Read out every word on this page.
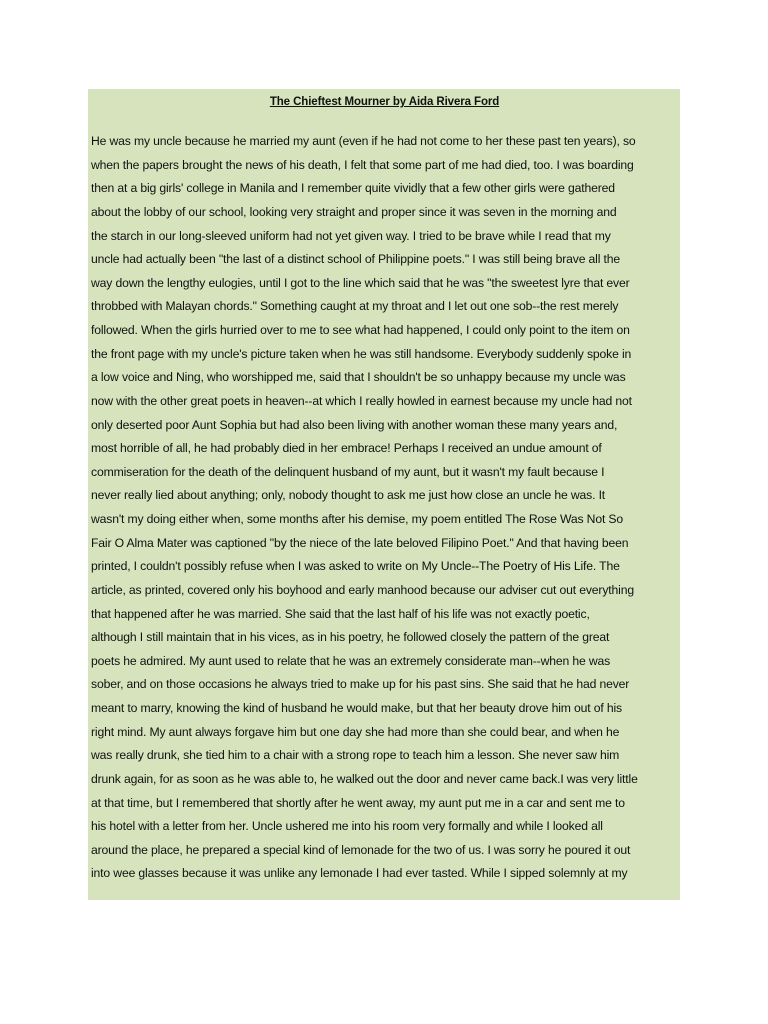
The Chieftest Mourner by Aida Rivera Ford
He was my uncle because he married my aunt (even if he had not come to her these past ten years), so
when the papers brought the news of his death, I felt that some part of me had died, too. I was boarding
then at a big girls' college in Manila and I remember quite vividly that a few other girls were gathered
about the lobby of our school, looking very straight and proper since it was seven in the morning and
the starch in our long-sleeved uniform had not yet given way. I tried to be brave while I read that my
uncle had actually been "the last of a distinct school of Philippine poets." I was still being brave all the
way down the lengthy eulogies, until I got to the line which said that he was "the sweetest lyre that ever
throbbed with Malayan chords." Something caught at my throat and I let out one sob--the rest merely
followed. When the girls hurried over to me to see what had happened, I could only point to the item on
the front page with my uncle's picture taken when he was still handsome. Everybody suddenly spoke in
a low voice and Ning, who worshipped me, said that I shouldn't be so unhappy because my uncle was
now with the other great poets in heaven--at which I really howled in earnest because my uncle had not
only deserted poor Aunt Sophia but had also been living with another woman these many years and,
most horrible of all, he had probably died in her embrace! Perhaps I received an undue amount of
commiseration for the death of the delinquent husband of my aunt, but it wasn't my fault because I
never really lied about anything; only, nobody thought to ask me just how close an uncle he was. It
wasn't my doing either when, some months after his demise, my poem entitled The Rose Was Not So
Fair O Alma Mater was captioned "by the niece of the late beloved Filipino Poet." And that having been
printed, I couldn't possibly refuse when I was asked to write on My Uncle--The Poetry of His Life. The
article, as printed, covered only his boyhood and early manhood because our adviser cut out everything
that happened after he was married. She said that the last half of his life was not exactly poetic,
although I still maintain that in his vices, as in his poetry, he followed closely the pattern of the great
poets he admired. My aunt used to relate that he was an extremely considerate man--when he was
sober, and on those occasions he always tried to make up for his past sins. She said that he had never
meant to marry, knowing the kind of husband he would make, but that her beauty drove him out of his
right mind. My aunt always forgave him but one day she had more than she could bear, and when he
was really drunk, she tied him to a chair with a strong rope to teach him a lesson. She never saw him
drunk again, for as soon as he was able to, he walked out the door and never came back.I was very little
at that time, but I remembered that shortly after he went away, my aunt put me in a car and sent me to
his hotel with a letter from her. Uncle ushered me into his room very formally and while I looked all
around the place, he prepared a special kind of lemonade for the two of us. I was sorry he poured it out
into wee glasses because it was unlike any lemonade I had ever tasted. While I sipped solemnly at my
